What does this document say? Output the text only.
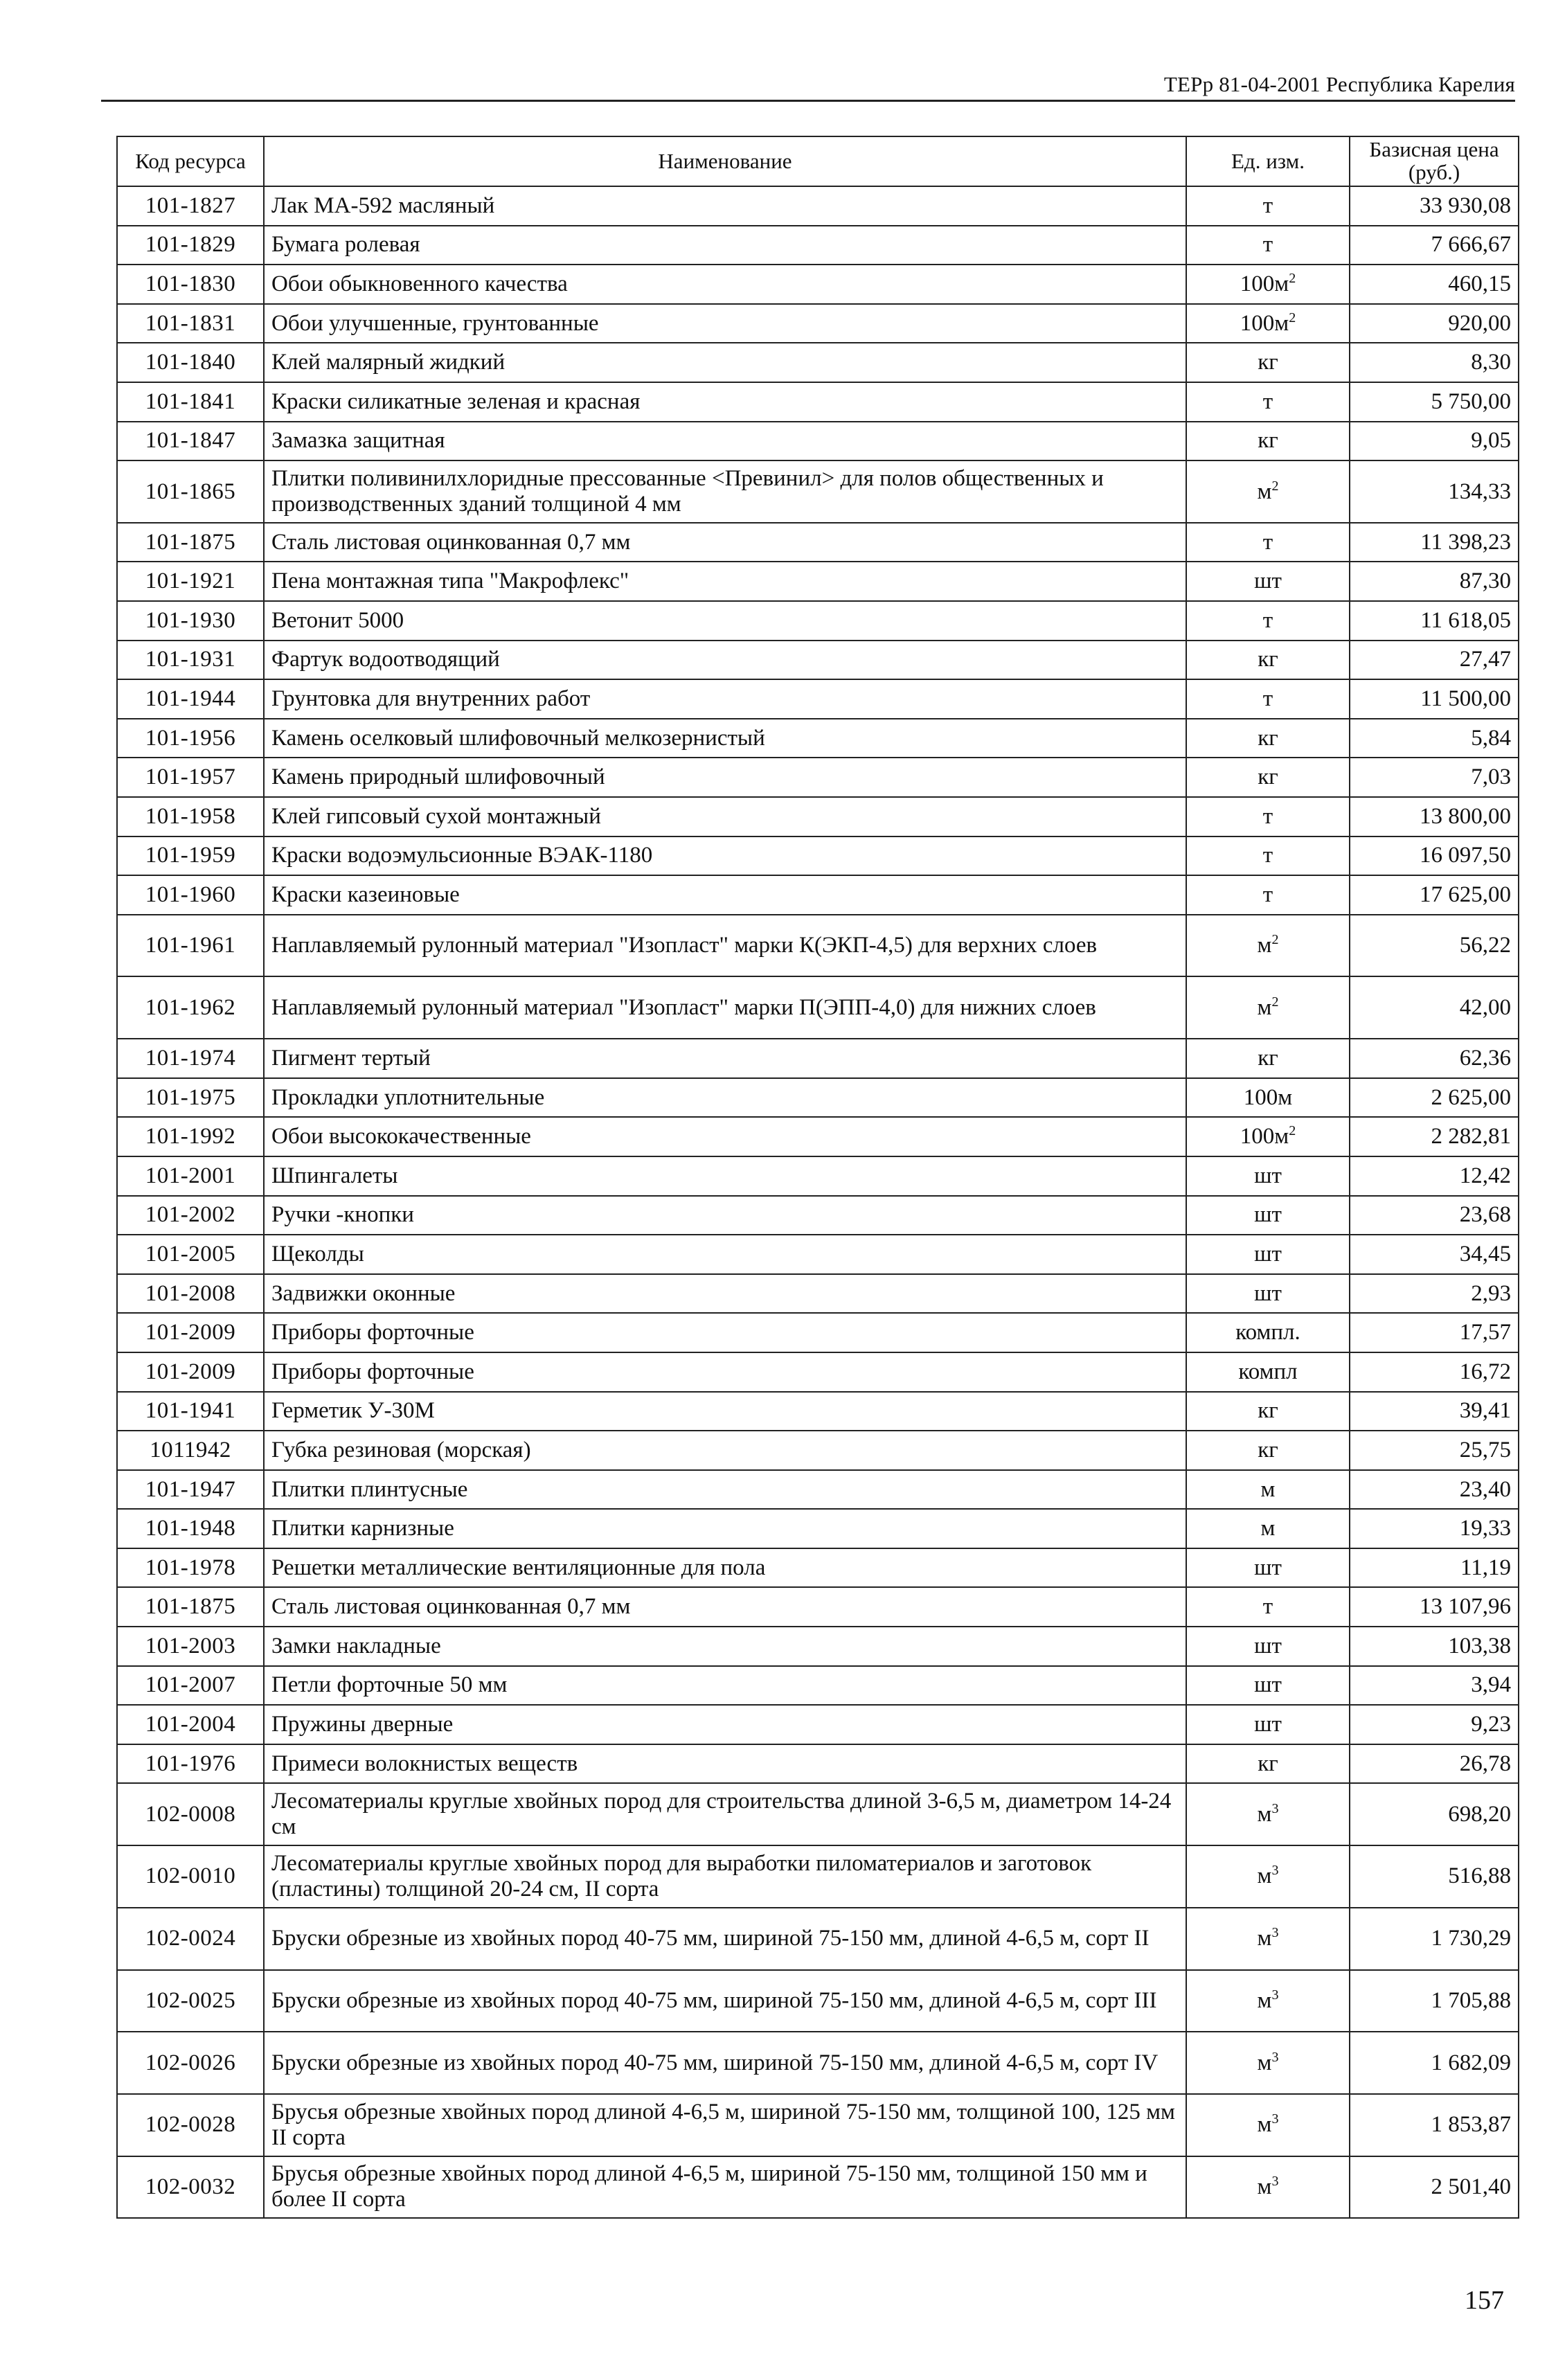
ТЕРр 81-04-2001 Республика Карелия
Код ресурса	Наименование	Ед. изм.	Базисная цена
(руб.)
101-1827	Лак МА-592 масляный	т	33 930,08
101-1829	Бумага ролевая	т	7 666,67
101-1830	Обои обыкновенного качества	$100м^2$	460,15
101-1831	Обои улучшенные, грунтованные	$100м^2$	920,00
101-1840	Клей малярный жидкий	кг	8,30
101-1841	Краски силикатные зеленая и красная	т	5 750,00
101-1847	Замазка защитная	кг	9,05
101-1865	Плитки поливинилхлоридные прессованные <Превинил> для полов общественных и производственных зданий толщиной 4 мм	$м^2$	134,33
101-1875	Сталь листовая оцинкованная 0,7 мм	т	11 398,23
101-1921	Пена монтажная типа "Макрофлекс"	шт	87,30
101-1930	Ветонит 5000	т	11 618,05
101-1931	Фартук водоотводящий	кг	27,47
101-1944	Грунтовка для внутренних работ	т	11 500,00
101-1956	Камень оселковый шлифовочный мелкозернистый	кг	5,84
101-1957	Камень природный шлифовочный	кг	7,03
101-1958	Клей гипсовый сухой монтажный	т	13 800,00
101-1959	Краски водоэмульсионные ВЭАК-1180	т	16 097,50
101-1960	Краски казеиновые	т	17 625,00
101-1961	Наплавляемый рулонный материал "Изопласт" марки К(ЭКП-4,5) для верхних слоев	$м^2$	56,22
101-1962	Наплавляемый рулонный материал "Изопласт" марки П(ЭПП-4,0) для нижних слоев	$м^2$	42,00
101-1974	Пигмент тертый	кг	62,36
101-1975	Прокладки уплотнительные	100м	2 625,00
101-1992	Обои высококачественные	$100м^2$	2 282,81
101-2001	Шпингалеты	шт	12,42
101-2002	Ручки -кнопки	шт	23,68
101-2005	Щеколды	шт	34,45
101-2008	Задвижки оконные	шт	2,93
101-2009	Приборы форточные	компл.	17,57
101-2009	Приборы форточные	компл	16,72
101-1941	Герметик У-30М	кг	39,41
1011942	Губка резиновая (морская)	кг	25,75
101-1947	Плитки плинтусные	м	23,40
101-1948	Плитки карнизные	м	19,33
101-1978	Решетки металлические вентиляционные для пола	шт	11,19
101-1875	Сталь листовая оцинкованная 0,7 мм	т	13 107,96
101-2003	Замки накладные	шт	103,38
101-2007	Петли форточные 50 мм	шт	3,94
101-2004	Пружины дверные	шт	9,23
101-1976	Примеси волокнистых веществ	кг	26,78
102-0008	Лесоматериалы круглые хвойных пород для строительства длиной 3-6,5 м, диаметром 14-24 см	$м^3$	698,20
102-0010	Лесоматериалы круглые хвойных пород для выработки пиломатериалов и заготовок (пластины) толщиной 20-24 см, II сорта	$м^3$	516,88
102-0024	Бруски обрезные из хвойных пород 40-75 мм, шириной 75-150 мм, длиной 4-6,5 м, сорт II	$м^3$	1 730,29
102-0025	Бруски обрезные из хвойных пород 40-75 мм, шириной 75-150 мм, длиной 4-6,5 м, сорт III	$м^3$	1 705,88
102-0026	Бруски обрезные из хвойных пород 40-75 мм, шириной 75-150 мм, длиной 4-6,5 м, сорт IV	$м^3$	1 682,09
102-0028	Брусья обрезные хвойных пород длиной 4-6,5 м, шириной 75-150 мм, толщиной 100, 125 мм II сорта	$м^3$	1 853,87
102-0032	Брусья обрезные хвойных пород длиной 4-6,5 м, шириной 75-150 мм, толщиной 150 мм и более II сорта	$м^3$	2 501,40
157
